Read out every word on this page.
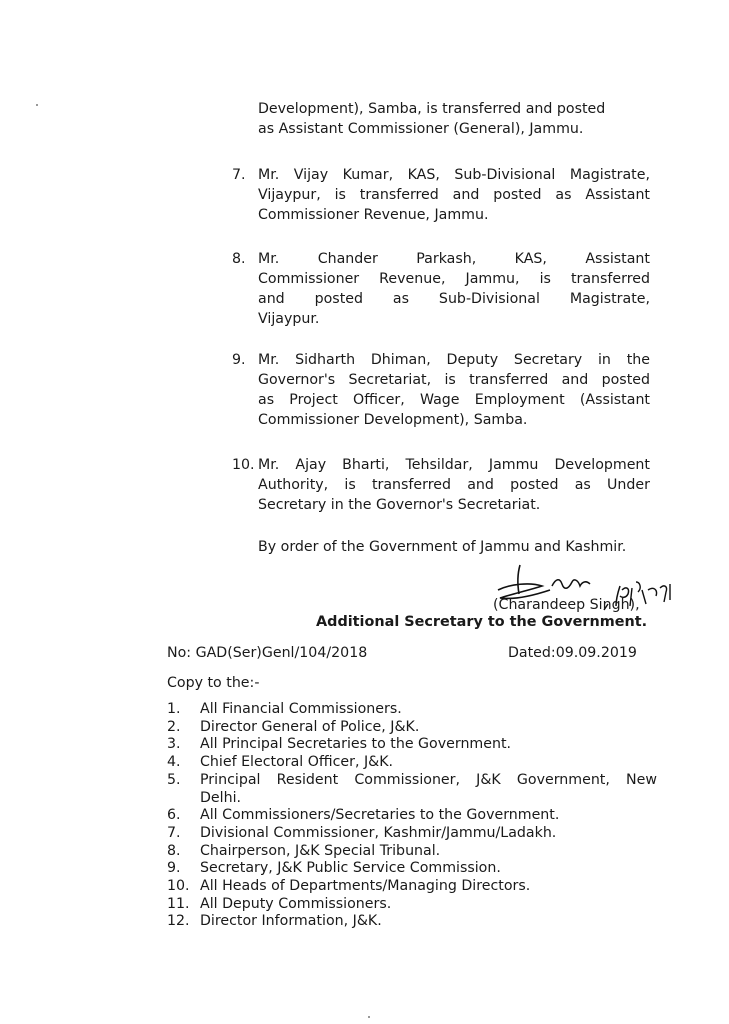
Development), Samba, is transferred and posted
as Assistant Commissioner (General), Jammu.
7. Mr. Vijay Kumar, KAS, Sub-Divisional Magistrate,
Vijaypur, is transferred and posted as Assistant
Commissioner Revenue, Jammu.
8. Mr. Chander Parkash, KAS, Assistant
Commissioner Revenue, Jammu, is transferred
and posted as Sub-Divisional Magistrate,
Vijaypur.
9. Mr. Sidharth Dhiman, Deputy Secretary in the
Governor's Secretariat, is transferred and posted
as Project Officer, Wage Employment (Assistant
Commissioner Development), Samba.
10. Mr. Ajay Bharti, Tehsildar, Jammu Development
Authority, is transferred and posted as Under
Secretary in the Governor's Secretariat.
By order of the Government of Jammu and Kashmir.
(Charandeep Singh),
Additional Secretary to the Government.
No: GAD(Ser)Genl/104/2018	Dated:09.09.2019
Copy to the:-
1.	All Financial Commissioners.
2.	Director General of Police, J&K.
3.	All Principal Secretaries to the Government.
4.	Chief Electoral Officer, J&K.
5.	Principal Resident Commissioner, J&K Government, New
Delhi.
6.	All Commissioners/Secretaries to the Government.
7.	Divisional Commissioner, Kashmir/Jammu/Ladakh.
8.	Chairperson, J&K Special Tribunal.
9.	Secretary, J&K Public Service Commission.
10. All Heads of Departments/Managing Directors.
11. All Deputy Commissioners.
12. Director Information, J&K.
